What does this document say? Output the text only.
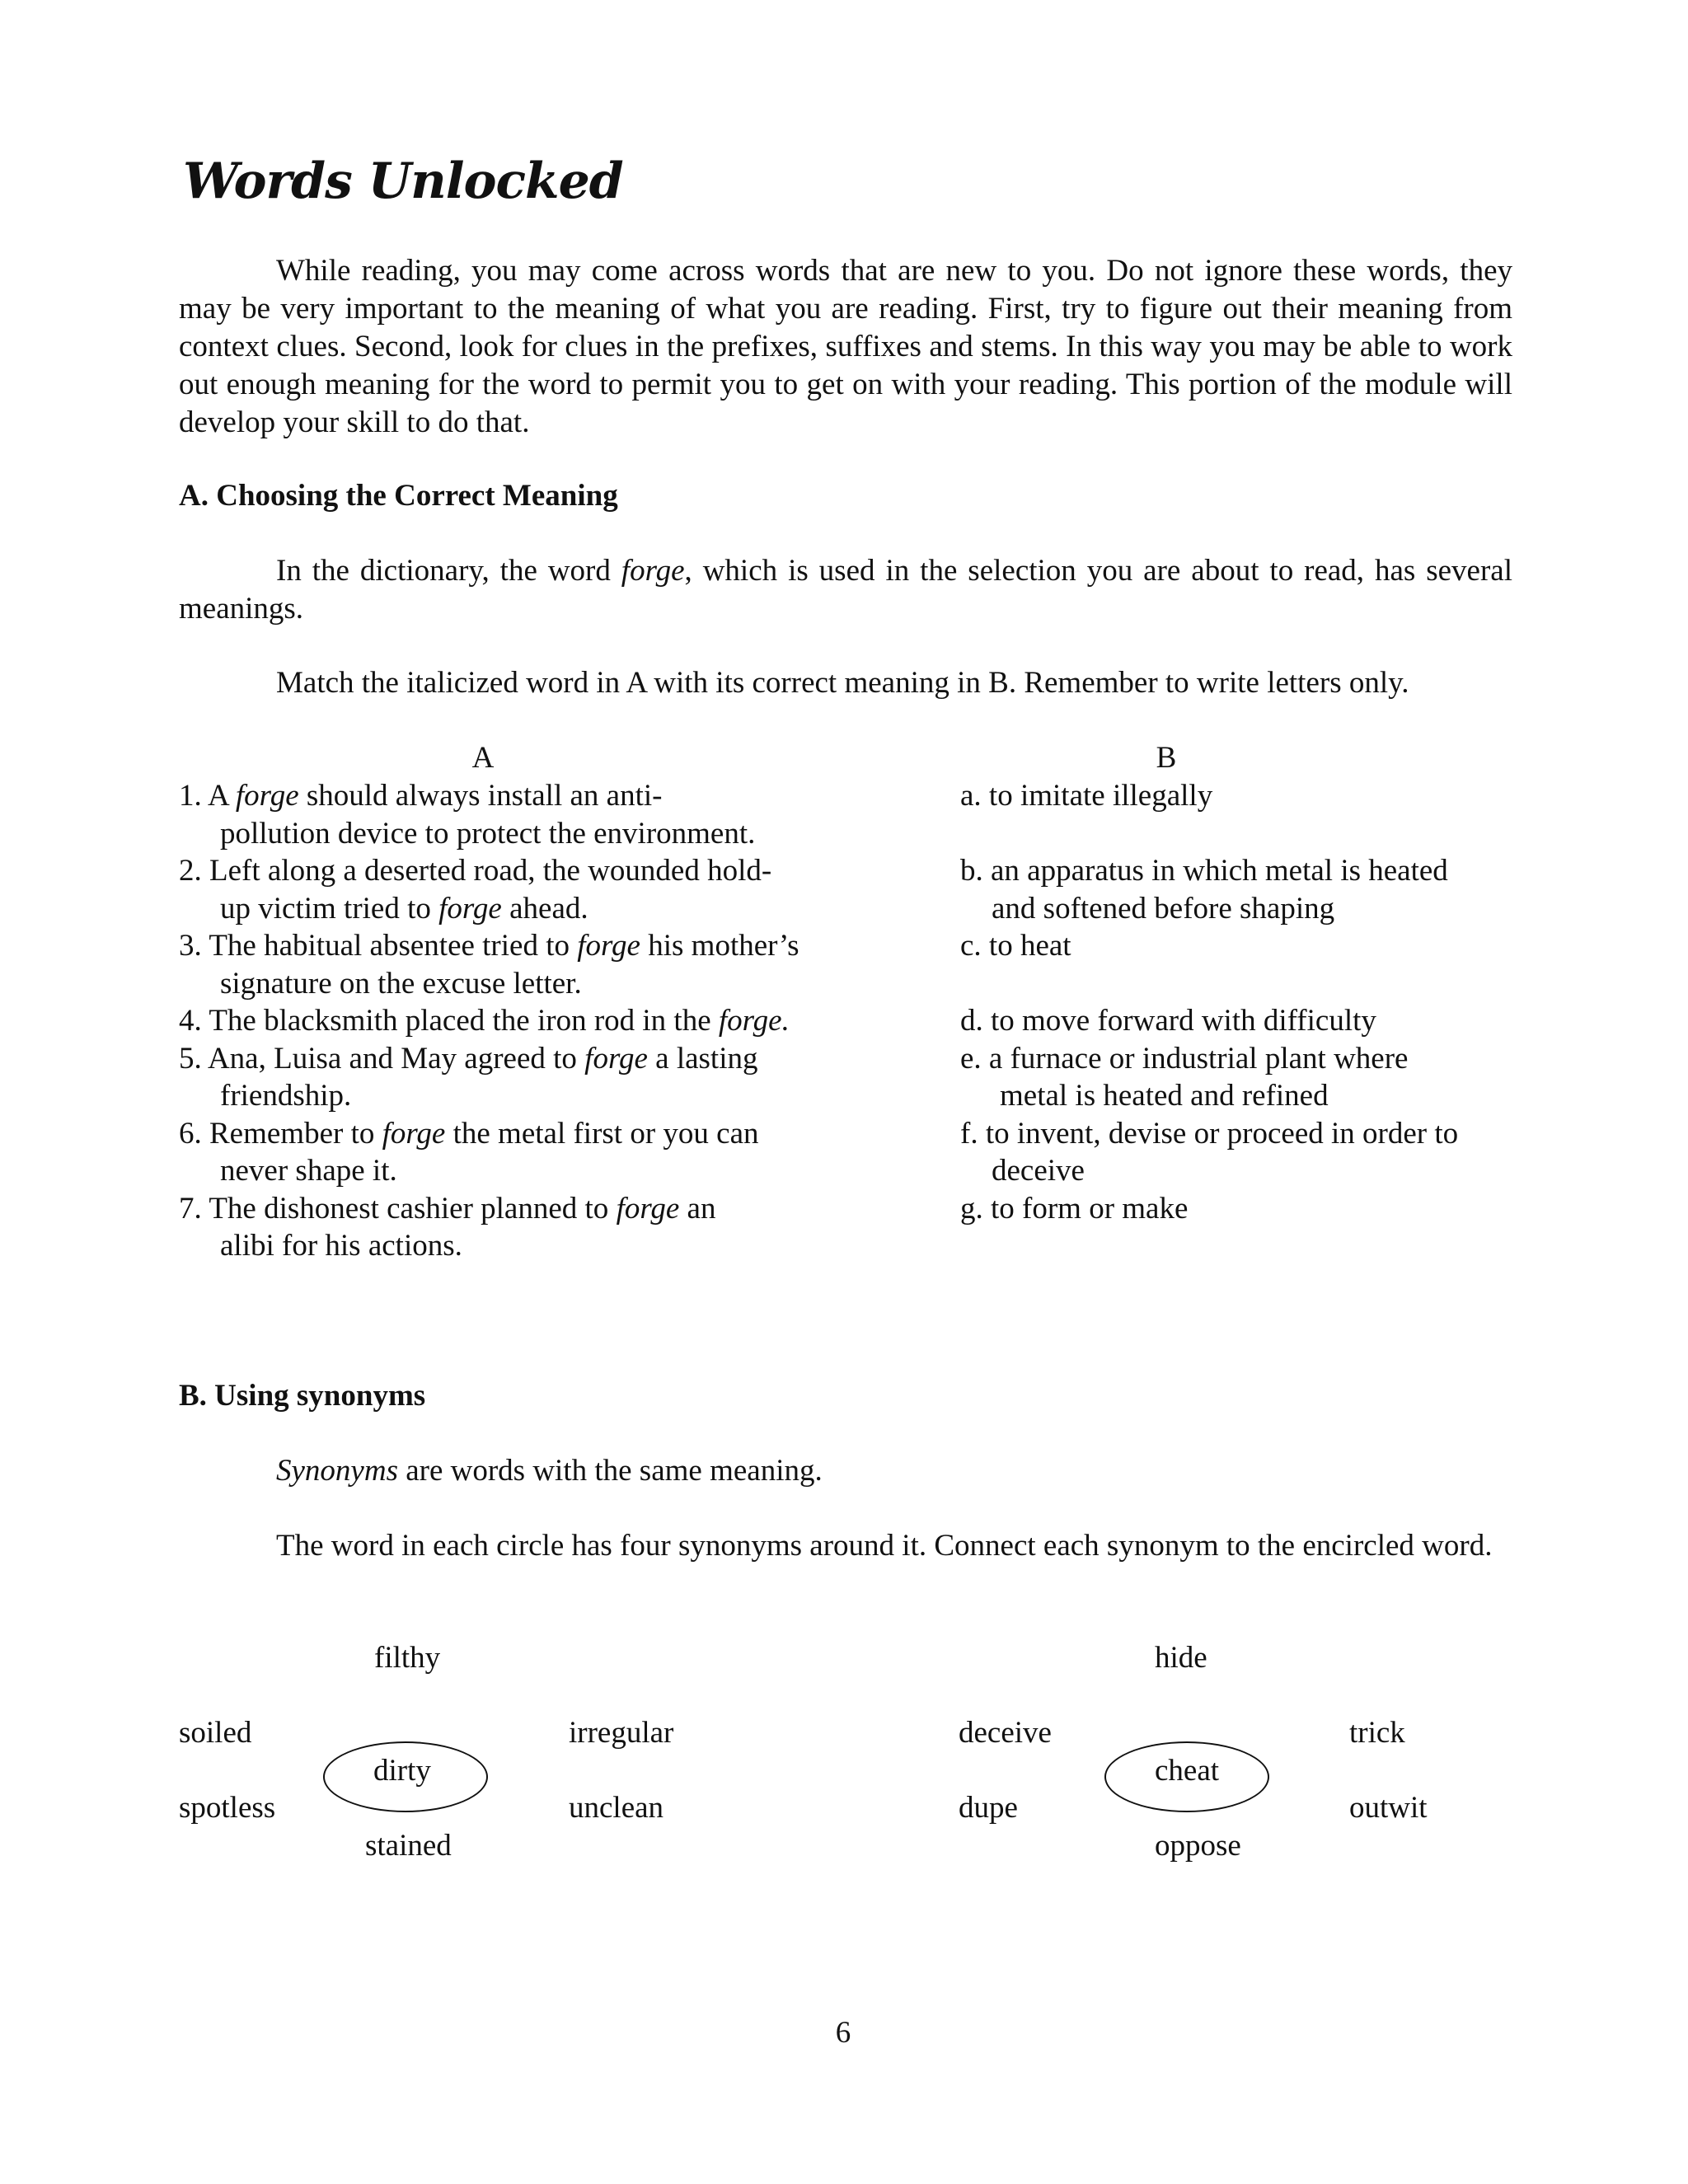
Words Unlocked
While reading, you may come across words that are new to you. Do not ignore these words, they may be very important to the meaning of what you are reading. First, try to figure out their meaning from context clues. Second, look for clues in the prefixes, suffixes and stems. In this way you may be able to work out enough meaning for the word to permit you to get on with your reading. This portion of the module will develop your skill to do that.
A. Choosing the Correct Meaning
In the dictionary, the word forge, which is used in the selection you are about to read, has several meanings.
Match the italicized word in A with its correct meaning in B. Remember to write letters only.
A	B
1. A forge should always install an anti-
pollution device to protect the environment.
2. Left along a deserted road, the wounded hold-
up victim tried to forge ahead.
3. The habitual absentee tried to forge his mother’s
signature on the excuse letter.
4. The blacksmith placed the iron rod in the forge.
5. Ana, Luisa and May agreed to forge a lasting
friendship.
6. Remember to forge the metal first or you can
never shape it.
7. The dishonest cashier planned to forge an
alibi for his actions.
a. to imitate illegally
b. an apparatus in which metal is heated
and softened before shaping
c. to heat
d. to move forward with difficulty
e. a furnace or industrial plant where
metal is heated and refined
f. to invent, devise or proceed in order to
deceive
g. to form or make
B. Using synonyms
Synonyms are words with the same meaning.
The word in each circle has four synonyms around it. Connect each synonym to the encircled word.
filthy
soiled
spotless
irregular
unclean
stained
dirty
hide
deceive
dupe
trick
outwit
oppose
cheat
6
